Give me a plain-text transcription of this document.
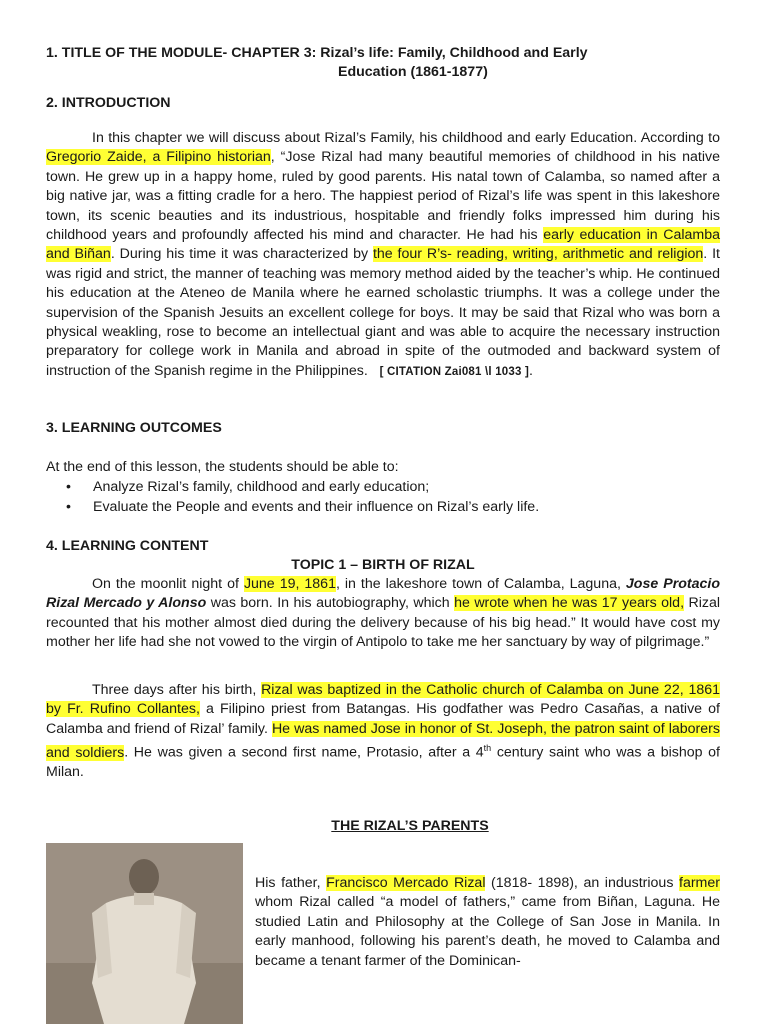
1. TITLE OF THE MODULE- CHAPTER 3: Rizal’s life: Family, Childhood and Early
Education (1861-1877)
2. INTRODUCTION
In this chapter we will discuss about Rizal’s Family, his childhood and early Education. According to Gregorio Zaide, a Filipino historian, “Jose Rizal had many beautiful memories of childhood in his native town. He grew up in a happy home, ruled by good parents. His natal town of Calamba, so named after a big native jar, was a fitting cradle for a hero. The happiest period of Rizal’s life was spent in this lakeshore town, its scenic beauties and its industrious, hospitable and friendly folks impressed him during his childhood years and profoundly affected his mind and character. He had his early education in Calamba and Biñan. During his time it was characterized by the four R’s- reading, writing, arithmetic and religion. It was rigid and strict, the manner of teaching was memory method aided by the teacher’s whip. He continued his education at the Ateneo de Manila where he earned scholastic triumphs. It was a college under the supervision of the Spanish Jesuits an excellent college for boys. It may be said that Rizal who was born a physical weakling, rose to become an intellectual giant and was able to acquire the necessary instruction preparatory for college work in Manila and abroad in spite of the outmoded and backward system of instruction of the Spanish regime in the Philippines. [ CITATION Zai081 \l 1033 ].
3. LEARNING OUTCOMES
At the end of this lesson, the students should be able to:
• Analyze Rizal’s family, childhood and early education;
• Evaluate the People and events and their influence on Rizal’s early life.
4. LEARNING CONTENT
TOPIC 1 – BIRTH OF RIZAL
On the moonlit night of June 19, 1861, in the lakeshore town of Calamba, Laguna, Jose Protacio Rizal Mercado y Alonso was born. In his autobiography, which he wrote when he was 17 years old, Rizal recounted that his mother almost died during the delivery because of his big head.” It would have cost my mother her life had she not vowed to the virgin of Antipolo to take me her sanctuary by way of pilgrimage.”
Three days after his birth, Rizal was baptized in the Catholic church of Calamba on June 22, 1861 by Fr. Rufino Collantes, a Filipino priest from Batangas. His godfather was Pedro Casañas, a native of Calamba and friend of Rizal’ family. He was named Jose in honor of St. Joseph, the patron saint of laborers and soldiers. He was given a second first name, Protasio, after a 4th century saint who was a bishop of Milan.
THE RIZAL’S PARENTS
His father, Francisco Mercado Rizal (1818- 1898), an industrious farmer whom Rizal called “a model of fathers,” came from Biñan, Laguna. He studied Latin and Philosophy at the College of San Jose in Manila. In early manhood, following his parent’s death, he moved to Calamba and became a tenant farmer of the Dominican-
